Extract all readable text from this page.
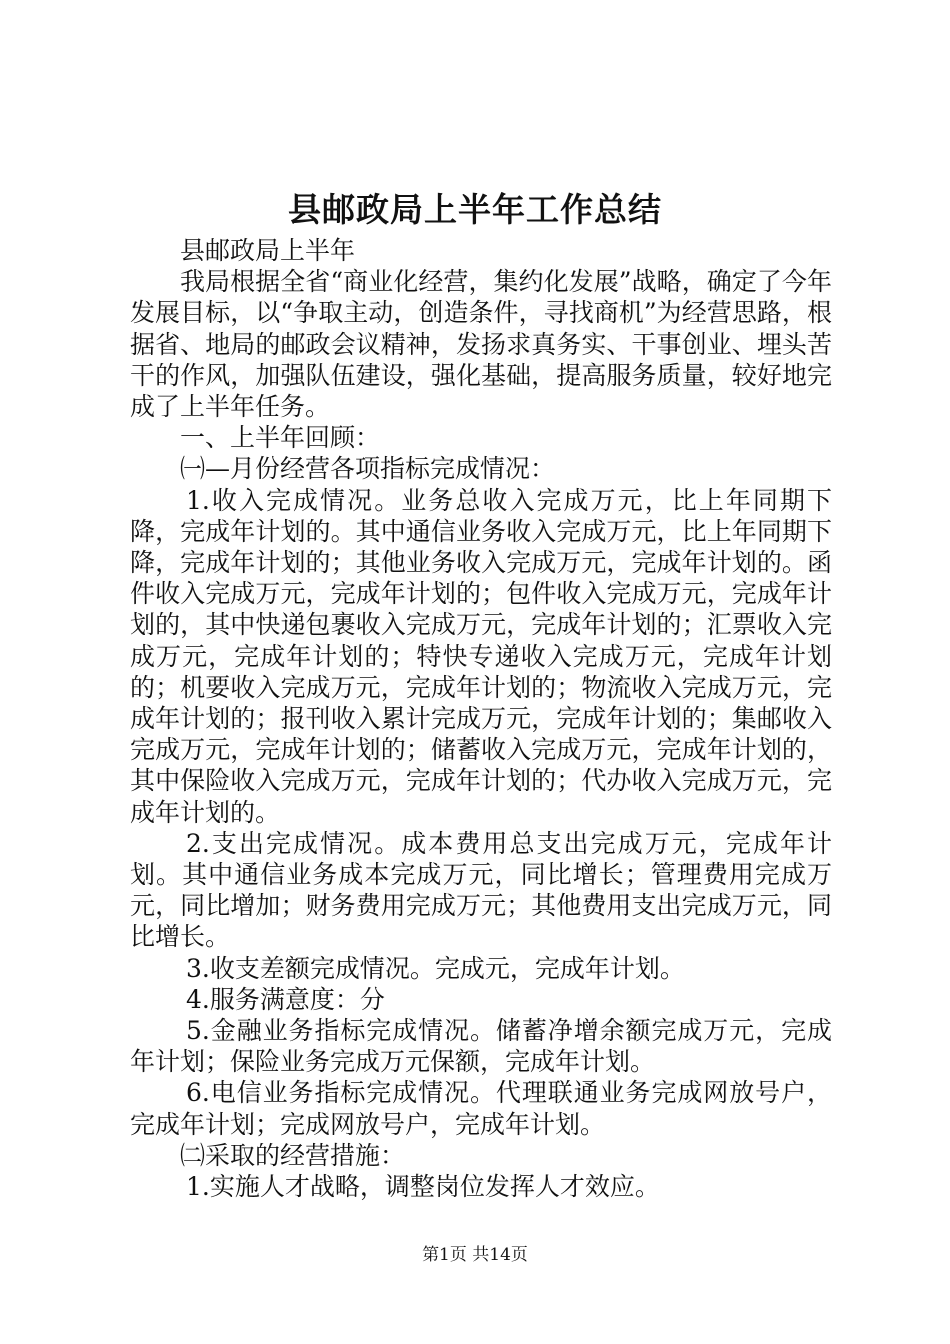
县邮政局上半年工作总结

县邮政局上半年

我局根据全省“商业化经营，集约化发展”战略，确定了今年发展目标，以“争取主动，创造条件，寻找商机”为经营思路，根据省、地局的邮政会议精神，发扬求真务实、干事创业、埋头苦干的作风，加强队伍建设，强化基础，提高服务质量，较好地完成了上半年任务。

一、上半年回顾：

㈠—月份经营各项指标完成情况：

1.收入完成情况。业务总收入完成万元，比上年同期下降，完成年计划的。其中通信业务收入完成万元，比上年同期下降，完成年计划的；其他业务收入完成万元，完成年计划的。函件收入完成万元，完成年计划的；包件收入完成万元，完成年计划的，其中快递包裹收入完成万元，完成年计划的；汇票收入完成万元，完成年计划的；特快专递收入完成万元，完成年计划的；机要收入完成万元，完成年计划的；物流收入完成万元，完成年计划的；报刊收入累计完成万元，完成年计划的；集邮收入完成万元，完成年计划的；储蓄收入完成万元，完成年计划的，其中保险收入完成万元，完成年计划的；代办收入完成万元，完成年计划的。

2.支出完成情况。成本费用总支出完成万元，完成年计划。其中通信业务成本完成万元，同比增长；管理费用完成万元，同比增加；财务费用完成万元；其他费用支出完成万元，同比增长。

3.收支差额完成情况。完成元，完成年计划。

4.服务满意度：分

5.金融业务指标完成情况。储蓄净增余额完成万元，完成年计划；保险业务完成万元保额，完成年计划。

6.电信业务指标完成情况。代理联通业务完成网放号户，完成年计划；完成网放号户，完成年计划。

㈡采取的经营措施：

1.实施人才战略，调整岗位发挥人才效应。

第1页 共14页
